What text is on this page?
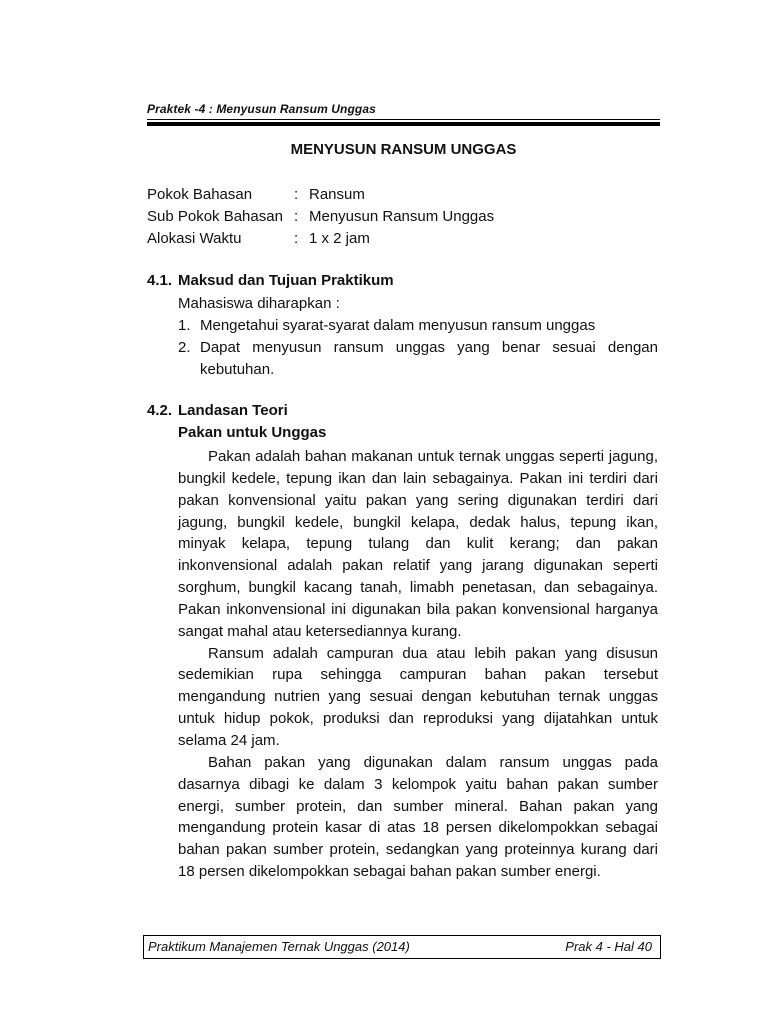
Praktek -4 : Menyusun Ransum Unggas
MENYUSUN RANSUM UNGGAS
Pokok Bahasan	: Ransum
Sub Pokok Bahasan : Menyusun Ransum Unggas
Alokasi Waktu	: 1 x 2 jam
4.1. Maksud dan Tujuan Praktikum
Mahasiswa diharapkan :
1. Mengetahui syarat-syarat dalam menyusun ransum unggas
2. Dapat menyusun ransum unggas yang benar sesuai dengan kebutuhan.
4.2. Landasan Teori
Pakan untuk Unggas

Pakan adalah bahan makanan untuk ternak unggas seperti jagung, bungkil kedele, tepung ikan dan lain sebagainya. Pakan ini terdiri dari pakan konvensional yaitu pakan yang sering digunakan terdiri dari jagung, bungkil kedele, bungkil kelapa, dedak halus, tepung ikan, minyak kelapa, tepung tulang dan kulit kerang; dan pakan inkonvensional adalah pakan relatif yang jarang digunakan seperti sorghum, bungkil kacang tanah, limabh penetasan, dan sebagainya. Pakan inkonvensional ini digunakan bila pakan konvensional harganya sangat mahal atau ketersediannya kurang.

Ransum adalah campuran dua atau lebih pakan yang disusun sedemikian rupa sehingga campuran bahan pakan tersebut mengandung nutrien yang sesuai dengan kebutuhan ternak unggas untuk hidup pokok, produksi dan reproduksi yang dijatahkan untuk selama 24 jam.

Bahan pakan yang digunakan dalam ransum unggas pada dasarnya dibagi ke dalam 3 kelompok yaitu bahan pakan sumber energi, sumber protein, dan sumber mineral. Bahan pakan yang mengandung protein kasar di atas 18 persen dikelompokkan sebagai bahan pakan sumber protein, sedangkan yang proteinnya kurang dari 18 persen dikelompokkan sebagai bahan pakan sumber energi.

Praktikum Manajemen Ternak Unggas (2014)	Prak 4 - Hal 40
